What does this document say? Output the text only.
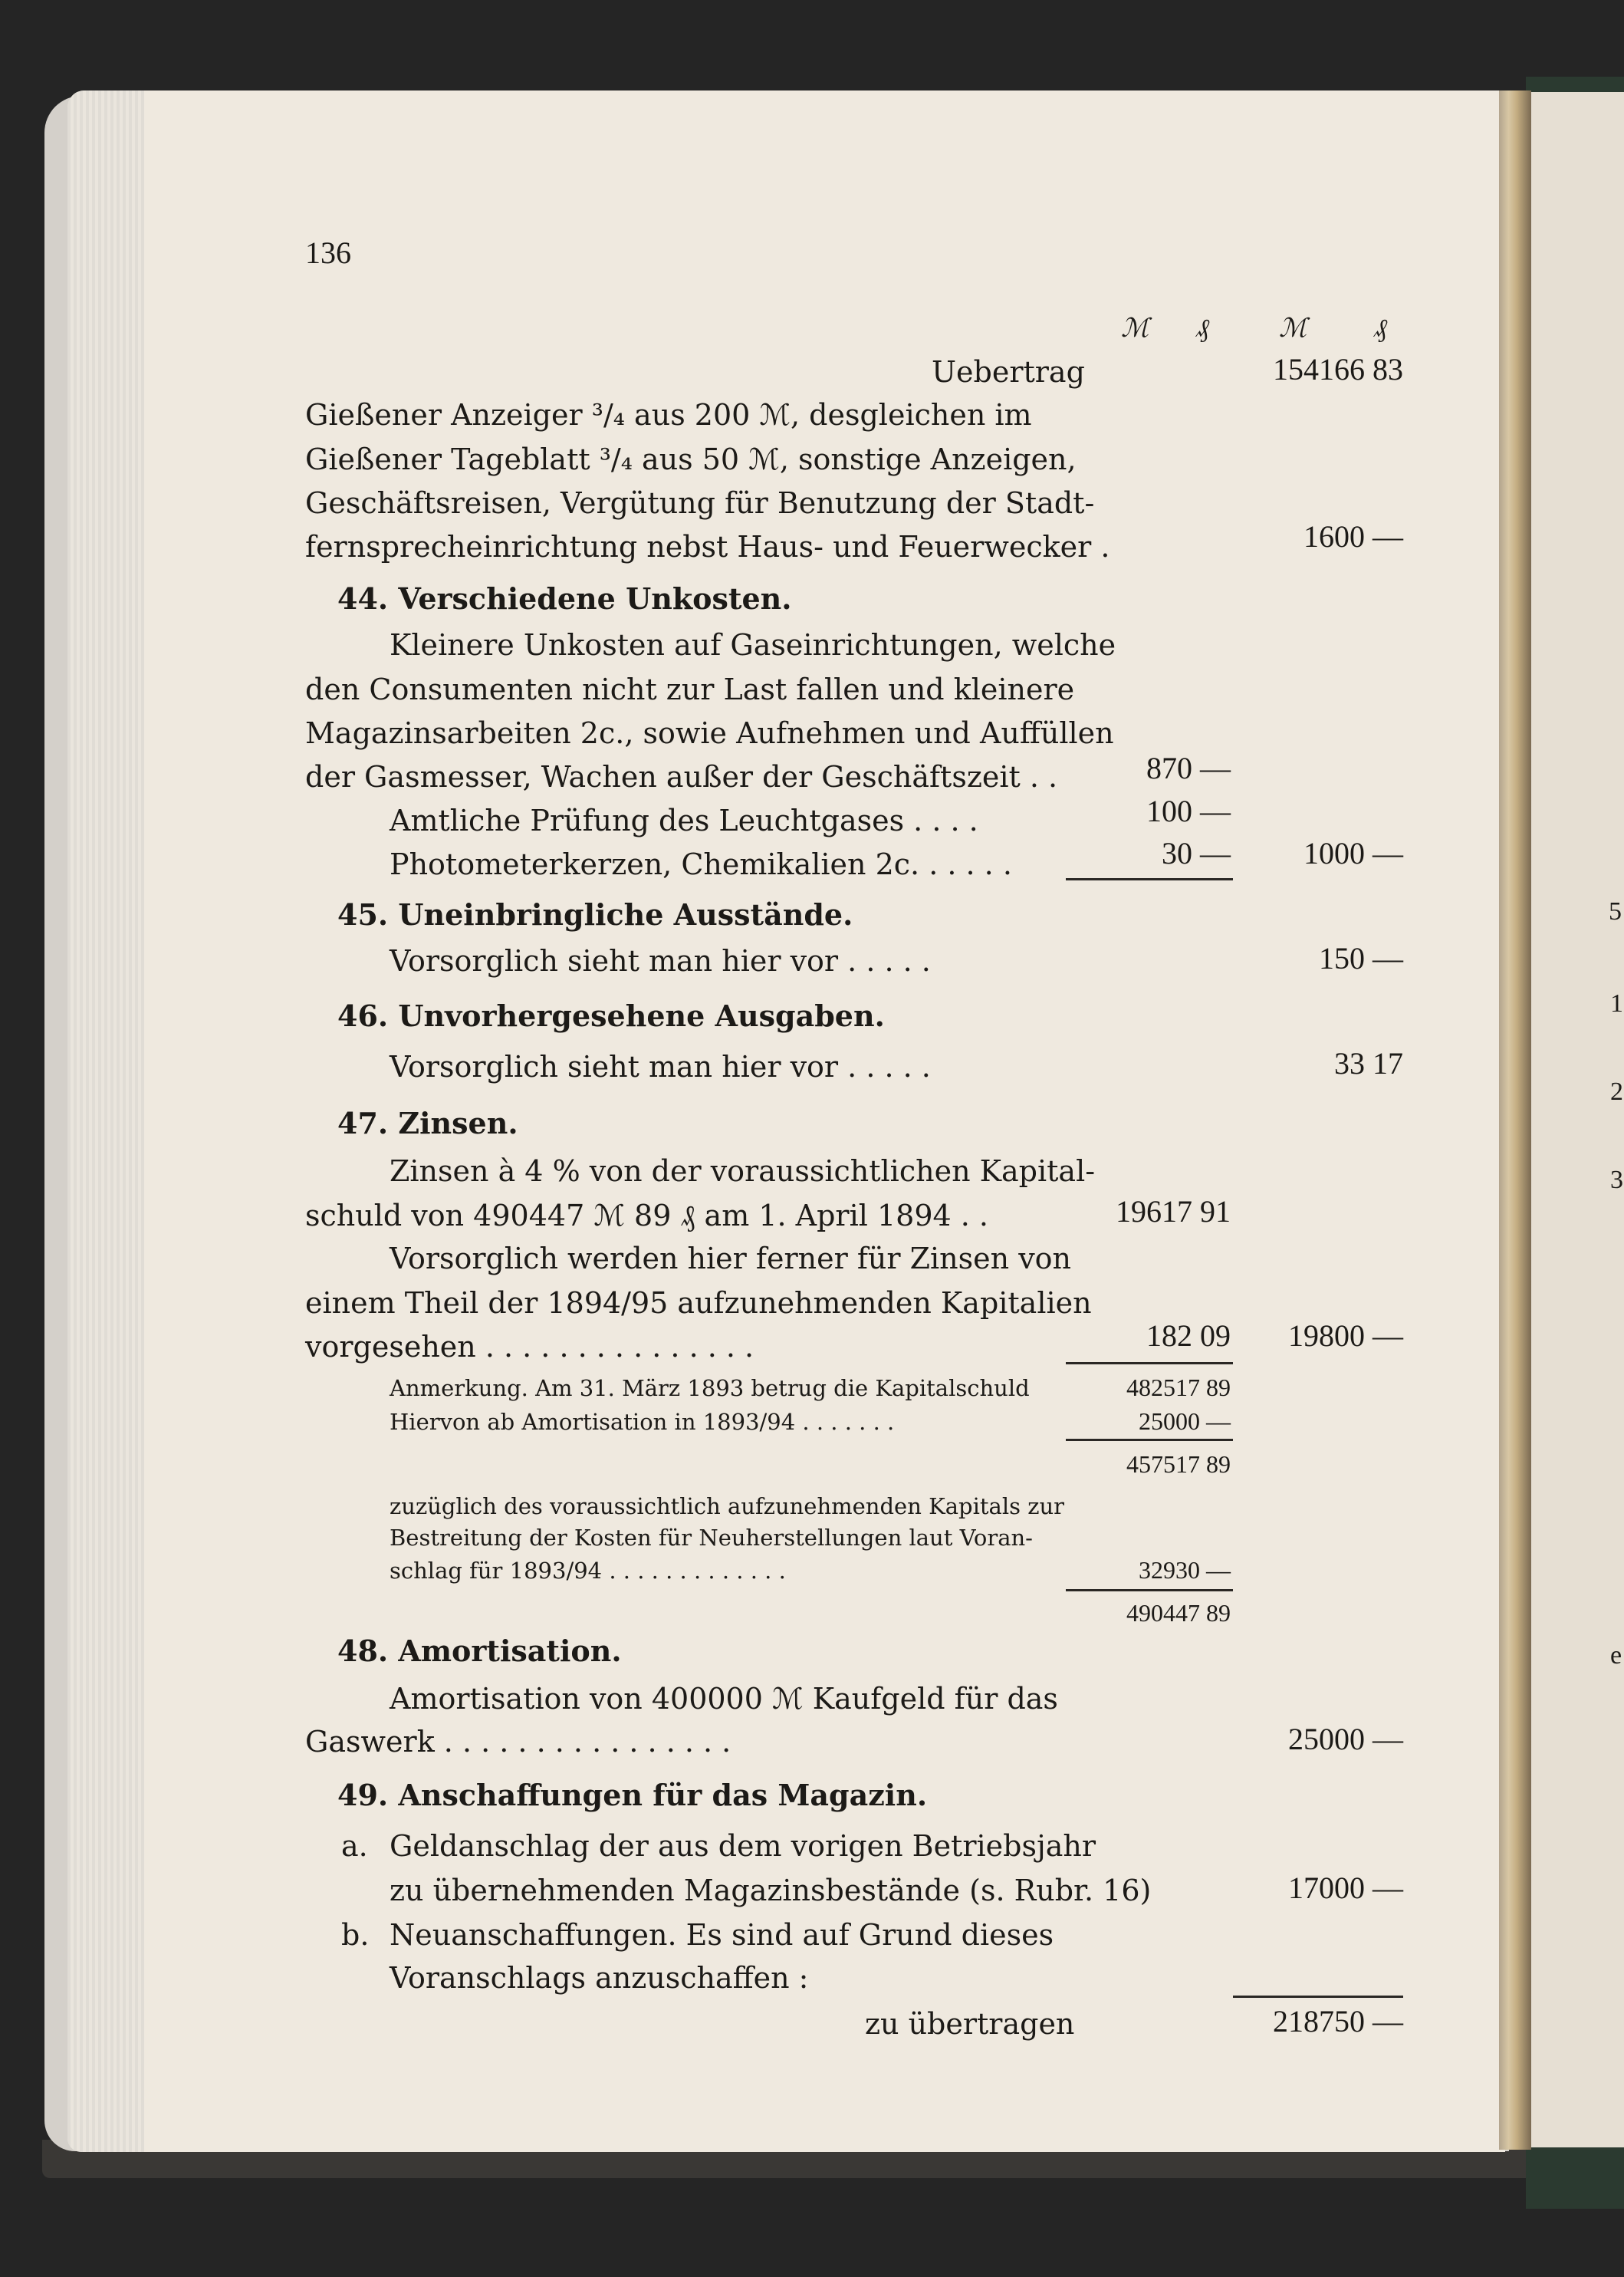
5
1
2
3
e
136
ℳ ₰	ℳ	₰
Uebertrag	154166 83
Gießener Anzeiger ³/₄ aus 200 ℳ, desgleichen im
Gießener Tageblatt ³/₄ aus 50 ℳ, sonstige Anzeigen,
Geschäftsreisen, Vergütung für Benutzung der Stadt-
fernsprecheinrichtung nebst Haus- und Feuerwecker .	1600 —
44. Verschiedene Unkosten.
Kleinere Unkosten auf Gaseinrichtungen, welche
den Consumenten nicht zur Last fallen und kleinere
Magazinsarbeiten 2c., sowie Aufnehmen und Auffüllen
der Gasmesser, Wachen außer der Geschäftszeit . .	870 —
Amtliche Prüfung des Leuchtgases . . . .	100 —
Photometerkerzen, Chemikalien 2c. . . . . .	30 —	1000 —
45. Uneinbringliche Ausstände.
Vorsorglich sieht man hier vor . . . . .	150 —
46. Unvorhergesehene Ausgaben.
Vorsorglich sieht man hier vor . . . . .	33 17
47. Zinsen.
Zinsen à 4 % von der voraussichtlichen Kapital-
schuld von 490447 ℳ 89 ₰ am 1. April 1894 . .	19617 91
Vorsorglich werden hier ferner für Zinsen von
einem Theil der 1894/95 aufzunehmenden Kapitalien
vorgesehen . . . . . . . . . . . . . . .	182 09	19800 —
Anmerkung. Am 31. März 1893 betrug die Kapitalschuld	482517 89
Hiervon ab Amortisation in 1893/94 . . . . . . .	25000 —
457517 89
zuzüglich des voraussichtlich aufzunehmenden Kapitals zur
Bestreitung der Kosten für Neuherstellungen laut Voran-
schlag für 1893/94 . . . . . . . . . . . . .	32930 —
490447 89
48. Amortisation.
Amortisation von 400000 ℳ Kaufgeld für das
Gaswerk . . . . . . . . . . . . . . . .	25000 —
49. Anschaffungen für das Magazin.
a. Geldanschlag der aus dem vorigen Betriebsjahr
zu übernehmenden Magazinsbestände (s. Rubr. 16)	17000 —
b. Neuanschaffungen. Es sind auf Grund dieses
Voranschlags anzuschaffen :
zu übertragen	218750 —
